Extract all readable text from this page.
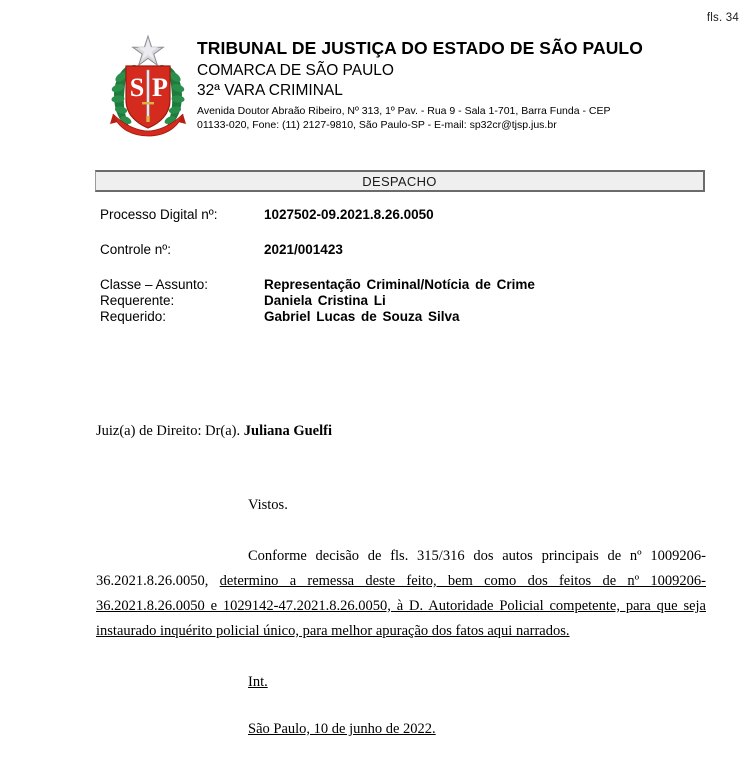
fls. 34
S P
TRIBUNAL DE JUSTIÇA DO ESTADO DE SÃO PAULO
COMARCA DE SÃO PAULO
32ª VARA CRIMINAL
Avenida Doutor Abraão Ribeiro, Nº 313, 1º Pav. - Rua 9 - Sala 1-701, Barra Funda - CEP
01133-020, Fone: (11) 2127-9810, São Paulo-SP - E-mail: sp32cr@tjsp.jus.br
DESPACHO
Processo Digital nº:	1027502-09.2021.8.26.0050
Controle nº:	2021/001423
Classe – Assunto:	Representação Criminal/Notícia de Crime
Requerente:	Daniela Cristina Li
Requerido:	Gabriel Lucas de Souza Silva
Juiz(a) de Direito: Dr(a). Juliana Guelfi
Vistos.

Conforme decisão de fls. 315/316 dos autos principais de nº 1009206-36.2021.8.26.0050, determino a remessa deste feito, bem como dos feitos de nº 1009206-36.2021.8.26.0050 e 1029142-47.2021.8.26.0050, à D. Autoridade Policial competente, para que seja instaurado inquérito policial único, para melhor apuração dos fatos aqui narrados.

Int.
São Paulo, 10 de junho de 2022.
